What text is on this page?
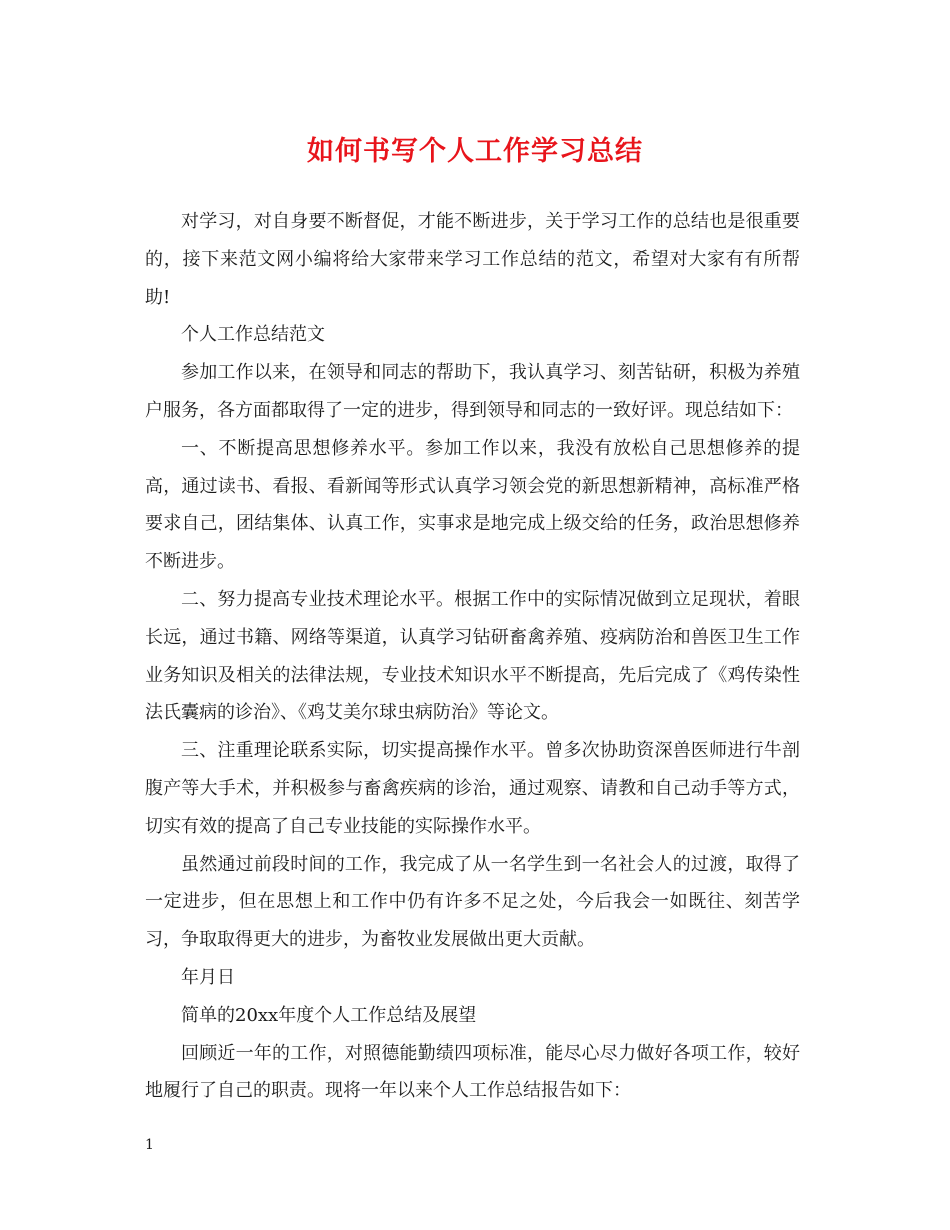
如何书写个人工作学习总结

对学习，对自身要不断督促，才能不断进步，关于学习工作的总结也是很重要的，接下来范文网小编将给大家带来学习工作总结的范文，希望对大家有有所帮助!

个人工作总结范文

参加工作以来，在领导和同志的帮助下，我认真学习、刻苦钻研，积极为养殖户服务，各方面都取得了一定的进步，得到领导和同志的一致好评。现总结如下：

一、不断提高思想修养水平。参加工作以来，我没有放松自己思想修养的提高，通过读书、看报、看新闻等形式认真学习领会党的新思想新精神，高标准严格要求自己，团结集体、认真工作，实事求是地完成上级交给的任务，政治思想修养不断进步。

二、努力提高专业技术理论水平。根据工作中的实际情况做到立足现状，着眼长远，通过书籍、网络等渠道，认真学习钻研畜禽养殖、疫病防治和兽医卫生工作业务知识及相关的法律法规，专业技术知识水平不断提高，先后完成了《鸡传染性法氏囊病的诊治》、《鸡艾美尔球虫病防治》等论文。

三、注重理论联系实际，切实提高操作水平。曾多次协助资深兽医师进行牛剖腹产等大手术，并积极参与畜禽疾病的诊治，通过观察、请教和自己动手等方式，切实有效的提高了自己专业技能的实际操作水平。

虽然通过前段时间的工作，我完成了从一名学生到一名社会人的过渡，取得了一定进步，但在思想上和工作中仍有许多不足之处，今后我会一如既往、刻苦学习，争取取得更大的进步，为畜牧业发展做出更大贡献。

年月日

简单的20xx年度个人工作总结及展望

回顾近一年的工作，对照德能勤绩四项标准，能尽心尽力做好各项工作，较好地履行了自己的职责。现将一年以来个人工作总结报告如下：

1
